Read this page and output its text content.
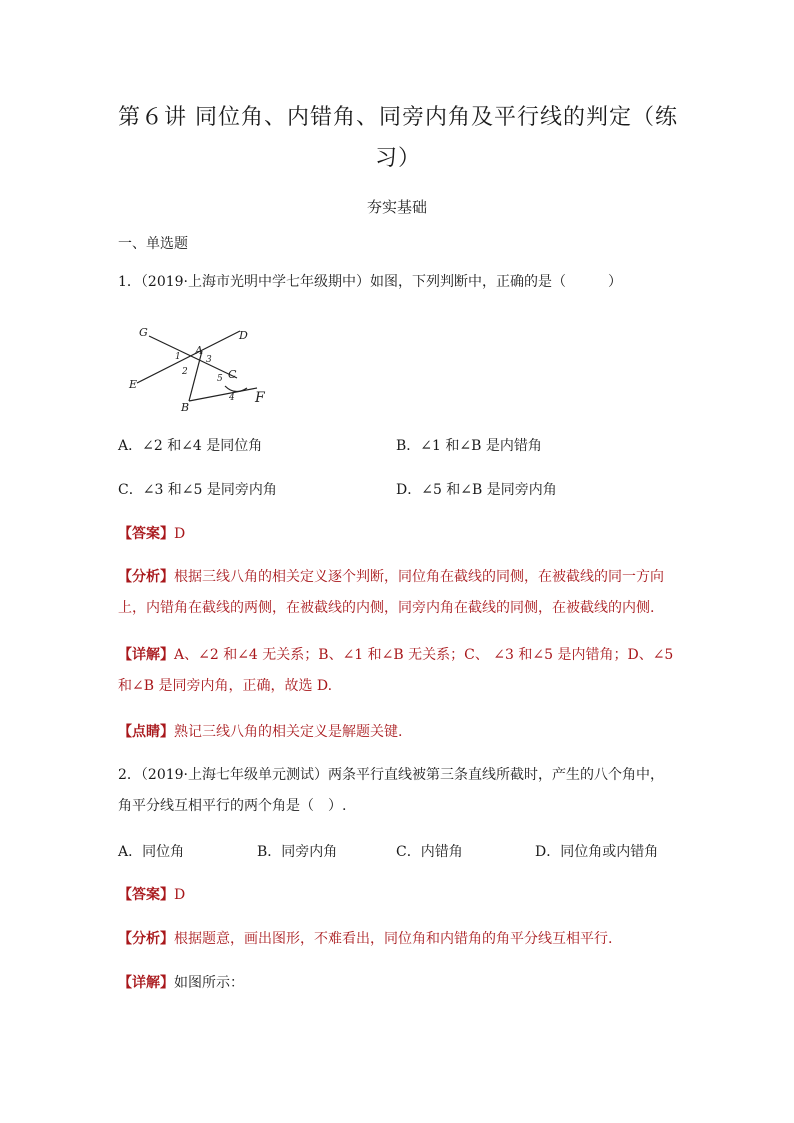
第６讲 同位角、内错角、同旁内角及平行线的判定（练
习）
夯实基础
一、单选题
1．（2019·上海市光明中学七年级期中）如图，下列判断中，正确的是（　　　）
G	D
E
A
C
B
F
1
2
3
5
4
A．∠2 和∠4 是同位角	B．∠1 和∠B 是内错角
C．∠3 和∠5 是同旁内角	D．∠5 和∠B 是同旁内角
【答案】D
【分析】根据三线八角的相关定义逐个判断，同位角在截线的同侧，在被截线的同一方向
上，内错角在截线的两侧，在被截线的内侧，同旁内角在截线的同侧，在被截线的内侧.
【详解】A、∠2 和∠4 无关系；B、∠1 和∠B 无关系；C、 ∠3 和∠5 是内错角；D、∠5
和∠B 是同旁内角，正确，故选 D.
【点睛】熟记三线八角的相关定义是解题关键.
2．（2019·上海七年级单元测试）两条平行直线被第三条直线所截时，产生的八个角中，
角平分线互相平行的两个角是（　）.
A．同位角	B．同旁内角	C．内错角	D．同位角或内错角
【答案】D
【分析】根据题意，画出图形，不难看出，同位角和内错角的角平分线互相平行.
【详解】如图所示：
